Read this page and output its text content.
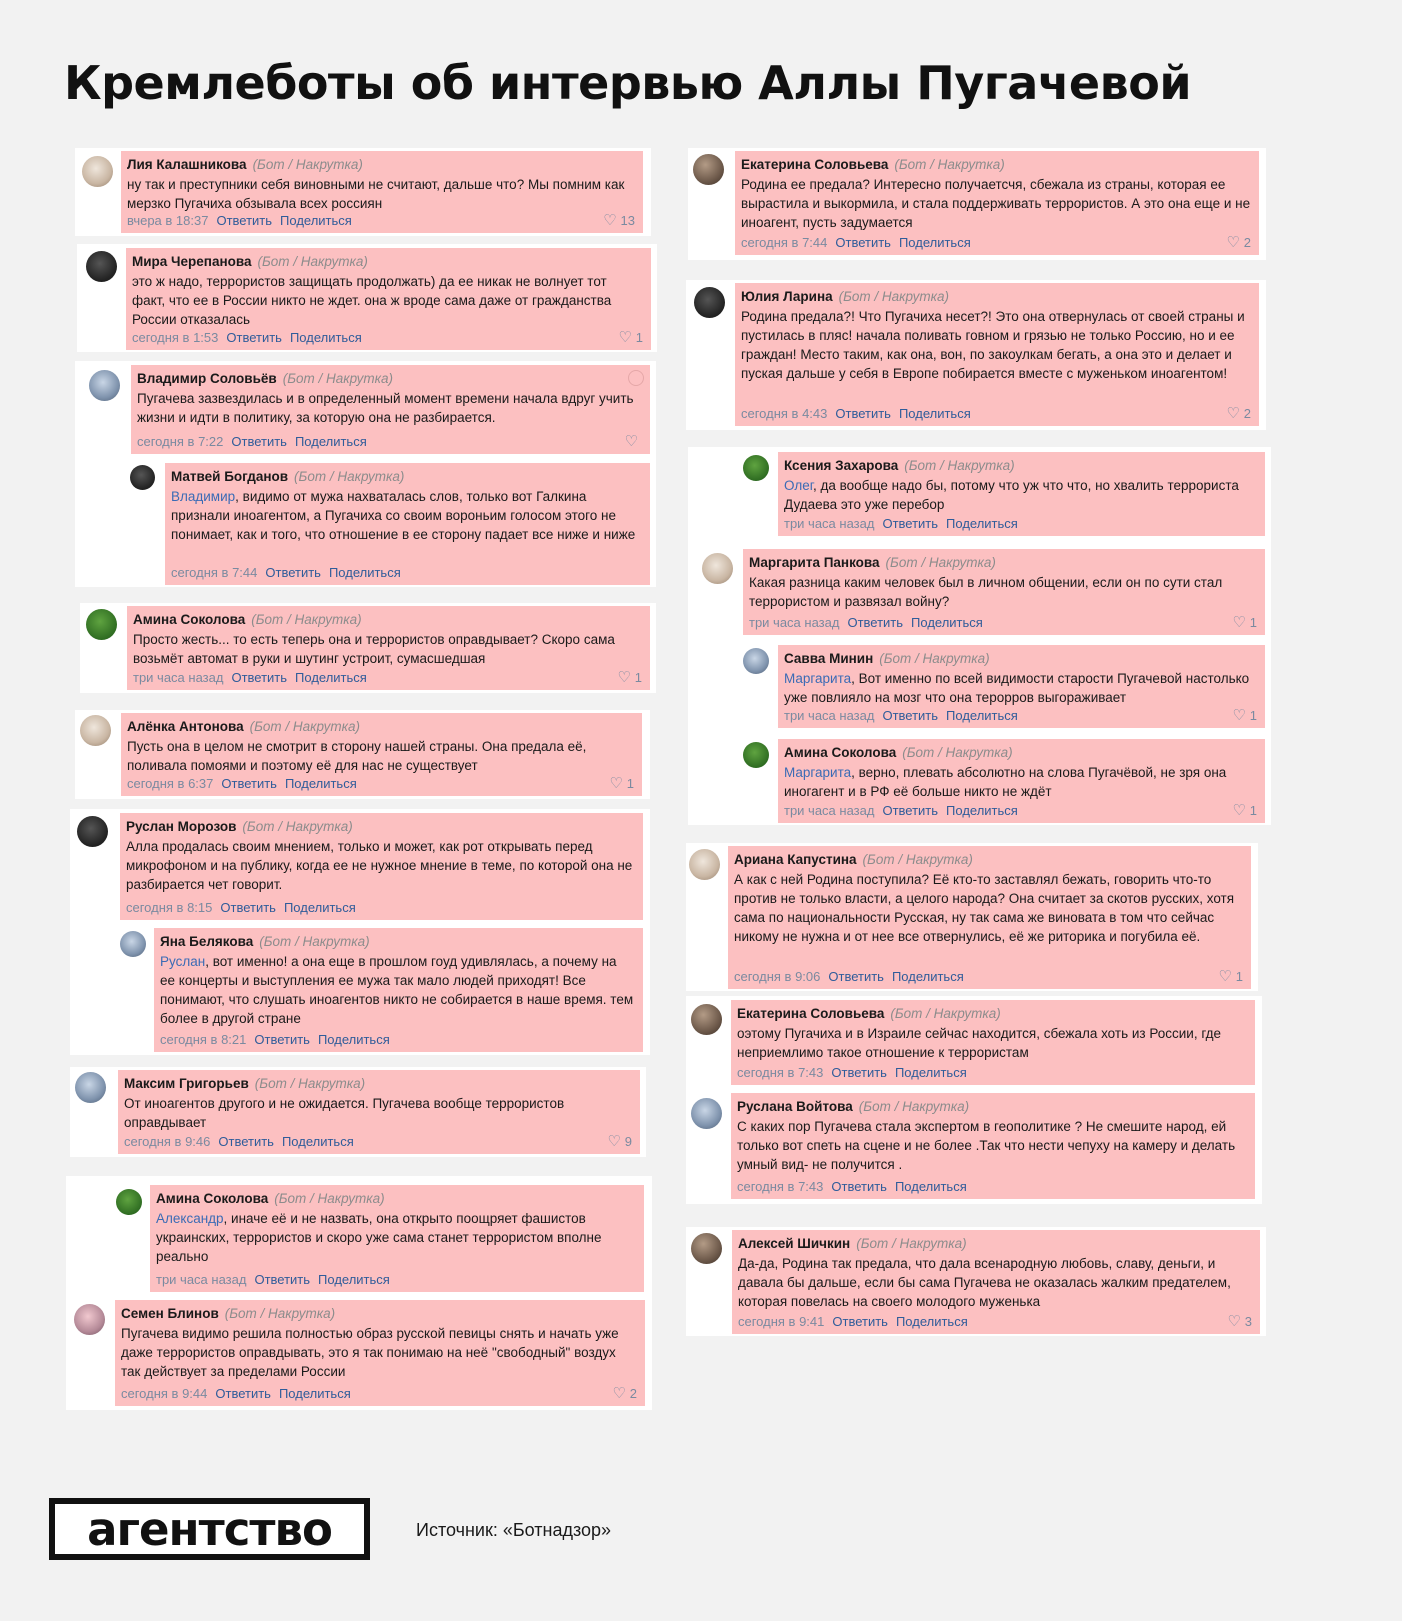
Кремлеботы об интервью Аллы Пугачевой
Лия Калашникова (Бот / Накрутка)
ну так и преступники себя виновными не считают, дальше что? Мы помним как мерзко Пугачиха обзывала всех россиян
вчера в 18:37 Ответить Поделиться	♡ 13
Мира Черепанова (Бот / Накрутка)
это ж надо, террористов защищать продолжать) да ее никак не волнует тот факт, что ее в России никто не ждет. она ж вроде сама даже от гражданства России отказалась
сегодня в 1:53 Ответить Поделиться	♡ 1
Владимир Соловьёв (Бот / Накрутка)
Пугачева зазвездилась и в определенный момент времени начала вдруг учить жизни и идти в политику, за которую она не разбирается.
сегодня в 7:22 Ответить Поделиться	♡
Матвей Богданов (Бот / Накрутка)
Владимир, видимо от мужа нахваталась слов, только вот Галкина признали иноагентом, а Пугачиха со своим вороньим голосом этого не понимает, как и того, что отношение в ее сторону падает все ниже и ниже
сегодня в 7:44 Ответить Поделиться
Амина Соколова (Бот / Накрутка)
Просто жесть... то есть теперь она и террористов оправдывает? Скоро сама возьмёт автомат в руки и шутинг устроит, сумасшедшая
три часа назад Ответить Поделиться	♡ 1
Алёнка Антонова (Бот / Накрутка)
Пусть она в целом не смотрит в сторону нашей страны. Она предала её, поливала помоями и поэтому её для нас не существует
сегодня в 6:37 Ответить Поделиться	♡ 1
Руслан Морозов (Бот / Накрутка)
Алла продалась своим мнением, только и может, как рот открывать перед микрофоном и на публику, когда ее не нужное мнение в теме, по которой она не разбирается чет говорит.
сегодня в 8:15 Ответить Поделиться
Яна Белякова (Бот / Накрутка)
Руслан, вот именно! а она еще в прошлом гоуд удивлялась, а почему на ее концерты и выступления ее мужа так мало людей приходят! Все понимают, что слушать иноагентов никто не собирается в наше время. тем более в другой стране
сегодня в 8:21 Ответить Поделиться
Максим Григорьев (Бот / Накрутка)
От иноагентов другого и не ожидается. Пугачева вообще террористов оправдывает
сегодня в 9:46 Ответить Поделиться	♡ 9
Амина Соколова (Бот / Накрутка)
Александр, иначе её и не назвать, она открыто поощряет фашистов украинских, террористов и скоро уже сама станет террористом вполне реально
три часа назад Ответить Поделиться
Семен Блинов (Бот / Накрутка)
Пугачева видимо решила полностью образ русской певицы снять и начать уже даже террористов оправдывать, это я так понимаю на неё "свободный" воздух так действует за пределами России
сегодня в 9:44 Ответить Поделиться	♡ 2
Екатерина Соловьева (Бот / Накрутка)
Родина ее предала? Интересно получаетсчя, сбежала из страны, которая ее вырастила и выкормила, и стала поддерживать террористов. А это она еще и не иноагент, пусть задумается
сегодня в 7:44 Ответить Поделиться	♡ 2
Юлия Ларина (Бот / Накрутка)
Родина предала?! Что Пугачиха несет?! Это она отвернулась от своей страны и пустилась в пляс! начала поливать говном и грязью не только Россию, но и ее граждан! Место таким, как она, вон, по закоулкам бегать, а она это и делает и пуская дальше у себя в Европе побирается вместе с муженьком иноагентом!
сегодня в 4:43 Ответить Поделиться	♡ 2
Ксения Захарова (Бот / Накрутка)
Олег, да вообще надо бы, потому что уж что что, но хвалить террориста Дудаева это уже перебор
три часа назад Ответить Поделиться
Маргарита Панкова (Бот / Накрутка)
Какая разница каким человек был в личном общении, если он по сути стал террористом и развязал войну?
три часа назад Ответить Поделиться	♡ 1
Савва Минин (Бот / Накрутка)
Маргарита, Вот именно по всей видимости старости Пугачевой настолько уже повлияло на мозг что она терорров выгораживает
три часа назад Ответить Поделиться	♡ 1
Амина Соколова (Бот / Накрутка)
Маргарита, верно, плевать абсолютно на слова Пугачёвой, не зря она иногагент и в РФ её больше никто не ждёт
три часа назад Ответить Поделиться	♡ 1
Ариана Капустина (Бот / Накрутка)
А как с ней Родина поступила? Её кто-то заставлял бежать, говорить что-то против не только власти, а целого народа? Она считает за скотов русских, хотя сама по национальности Русская, ну так сама же виновата в том что сейчас никому не нужна и от нее все отвернулись, её же риторика и погубила её.
сегодня в 9:06 Ответить Поделиться	♡ 1
Екатерина Соловьева (Бот / Накрутка)
оэтому Пугачиха и в Израиле сейчас находится, сбежала хоть из России, где неприемлимо такое отношение к террористам
сегодня в 7:43 Ответить Поделиться
Руслана Войтова (Бот / Накрутка)
С каких пор Пугачева стала экспертом в геополитике ? Не смешите народ, ей только вот спеть на сцене и не более .Так что нести чепуху на камеру и делать умный вид- не получится .
сегодня в 7:43 Ответить Поделиться
Алексей Шичкин (Бот / Накрутка)
Да-да, Родина так предала, что дала всенародную любовь, славу, деньги, и давала бы дальше, если бы сама Пугачева не оказалась жалким предателем, которая повелась на своего молодого муженька
сегодня в 9:41 Ответить Поделиться	♡ 3
агентство	Источник: «Ботнадзор»
